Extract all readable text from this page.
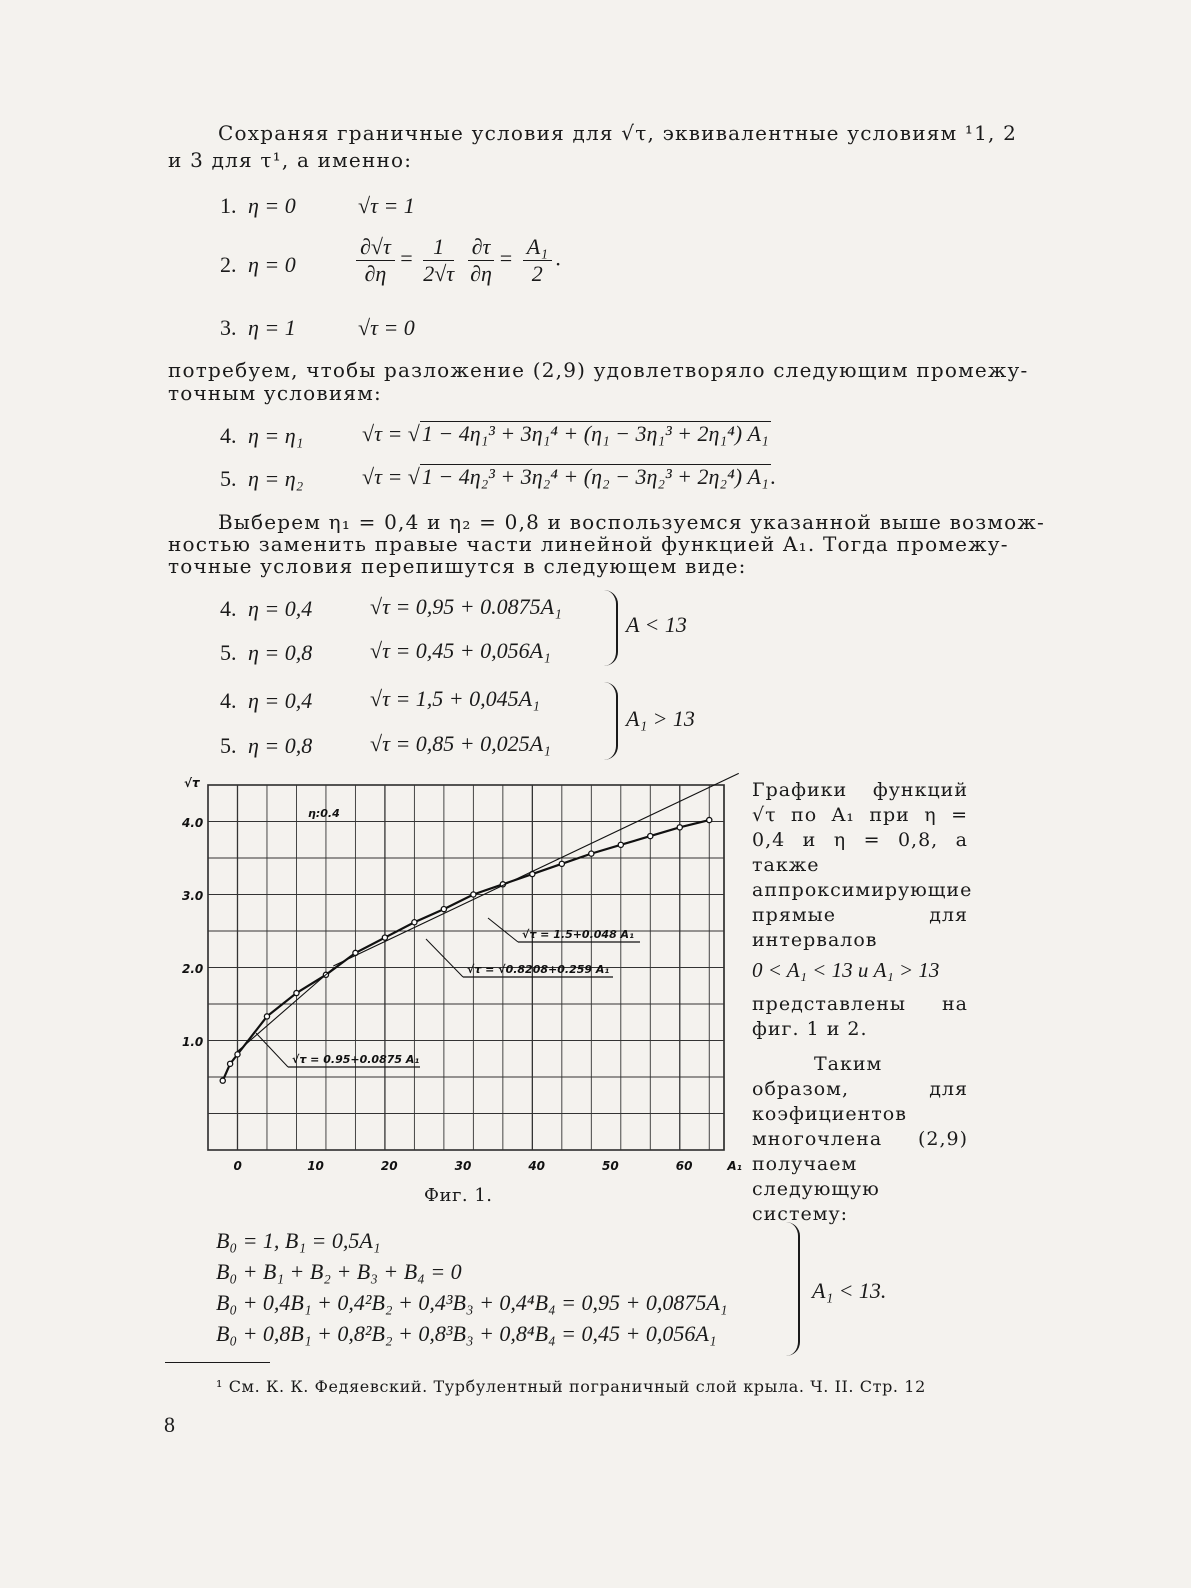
Сохраняя граничные условия для √τ, эквивалентные условиям ¹1, 2
и 3 для τ¹, а именно:
1. η = 0	√τ = 1
2. η = 0	$\frac{\partial√\tau}{\partial\eta} = \frac{1}{2√\tau}$
$\frac{\partial\tau}{\partial\eta} = \frac{\text{A₁}}{2}$ .
3. η = 1	√τ = 0
потребуем, чтобы разложение (2,9) удовлетворяло следующим промежу-
точным условиям:
4. η = η₁	√τ = √1 − 4η₁³ + 3η₁⁴ + (η₁ − 3η₁³ + 2η₁⁴) A₁
5. η = η₂	√τ = √1 − 4η₂³ + 3η₂⁴ + (η₂ − 3η₂³ + 2η₂⁴) A₁.
Выберем η₁ = 0,4 и η₂ = 0,8 и воспользуемся указанной выше возмож-
ностью заменить правые части линейной функцией A₁. Тогда промежу-
точные условия перепишутся в следующем виде:
4. η = 0,4	√τ = 0,95 + 0.0875A₁
5. η = 0,8	√τ = 0,45 + 0,056A₁
A < 13
4. η = 0,4	√τ = 1,5 + 0,045A₁
5. η = 0,8	√τ = 0,85 + 0,025A₁
A₁ > 13
0	10	20	30	40	50	60	A₁
1.0
2.0
3.0
4.0
√τ
η:0.4
√τ = 0.95+0.0875 A₁
√τ = √0.8208+0.259 A₁
√τ = 1.5+0.048 A₁
Фиг. 1.
Графики функций √τ по A₁ при η = 0,4 и η = 0,8, а также аппроксимирующие прямые для интервалов
0 < A₁ < 13 и A₁ > 13
представлены на фиг. 1 и 2.
Таким образом, для коэфициентов многочлена (2,9) получаем следующую систему:
B₀ = 1, B₁ = 0,5A₁
B₀ + B₁ + B₂ + B₃ + B₄ = 0
B₀ + 0,4B₁ + 0,4²B₂ + 0,4³B₃ + 0,4⁴B₄ = 0,95 + 0,0875A₁
B₀ + 0,8B₁ + 0,8²B₂ + 0,8³B₃ + 0,8⁴B₄ = 0,45 + 0,056A₁
A₁ < 13.
¹ См. К. К. Федяевский. Турбулентный пограничный слой крыла. Ч. II. Стр. 12
8
